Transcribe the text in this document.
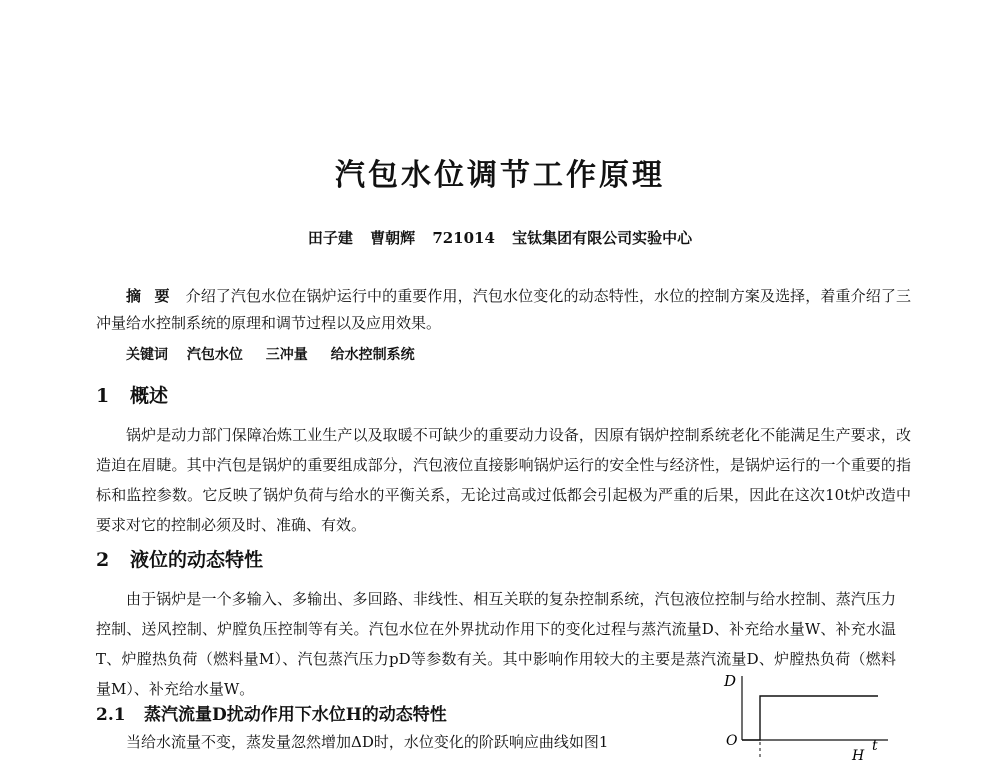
汽包水位调节工作原理
田子建 曹朝辉 721014 宝钛集团有限公司实验中心
摘 要 介绍了汽包水位在锅炉运行中的重要作用，汽包水位变化的动态特性，水位的控制方案及选择，着重介绍了三冲量给水控制系统的原理和调节过程以及应用效果。
关键词 汽包水位 三冲量 给水控制系统
1 概述
锅炉是动力部门保障冶炼工业生产以及取暖不可缺少的重要动力设备，因原有锅炉控制系统老化不能满足生产要求，改造迫在眉睫。其中汽包是锅炉的重要组成部分，汽包液位直接影响锅炉运行的安全性与经济性，是锅炉运行的一个重要的指标和监控参数。它反映了锅炉负荷与给水的平衡关系，无论过高或过低都会引起极为严重的后果，因此在这次10t炉改造中要求对它的控制必须及时、准确、有效。
2 液位的动态特性
由于锅炉是一个多输入、多输出、多回路、非线性、相互关联的复杂控制系统，汽包液位控制与给水控制、蒸汽压力控制、送风控制、炉膛负压控制等有关。汽包水位在外界扰动作用下的变化过程与蒸汽流量D、补充给水量W、补充水温T、炉膛热负荷（燃料量M）、汽包蒸汽压力pD等参数有关。其中影响作用较大的主要是蒸汽流量D、炉膛热负荷（燃料量M）、补充给水量W。
2.1 蒸汽流量D扰动作用下水位H的动态特性
当给水流量不变，蒸发量忽然增加ΔD时，水位变化的阶跃响应曲线如图1
D
O	t
H
